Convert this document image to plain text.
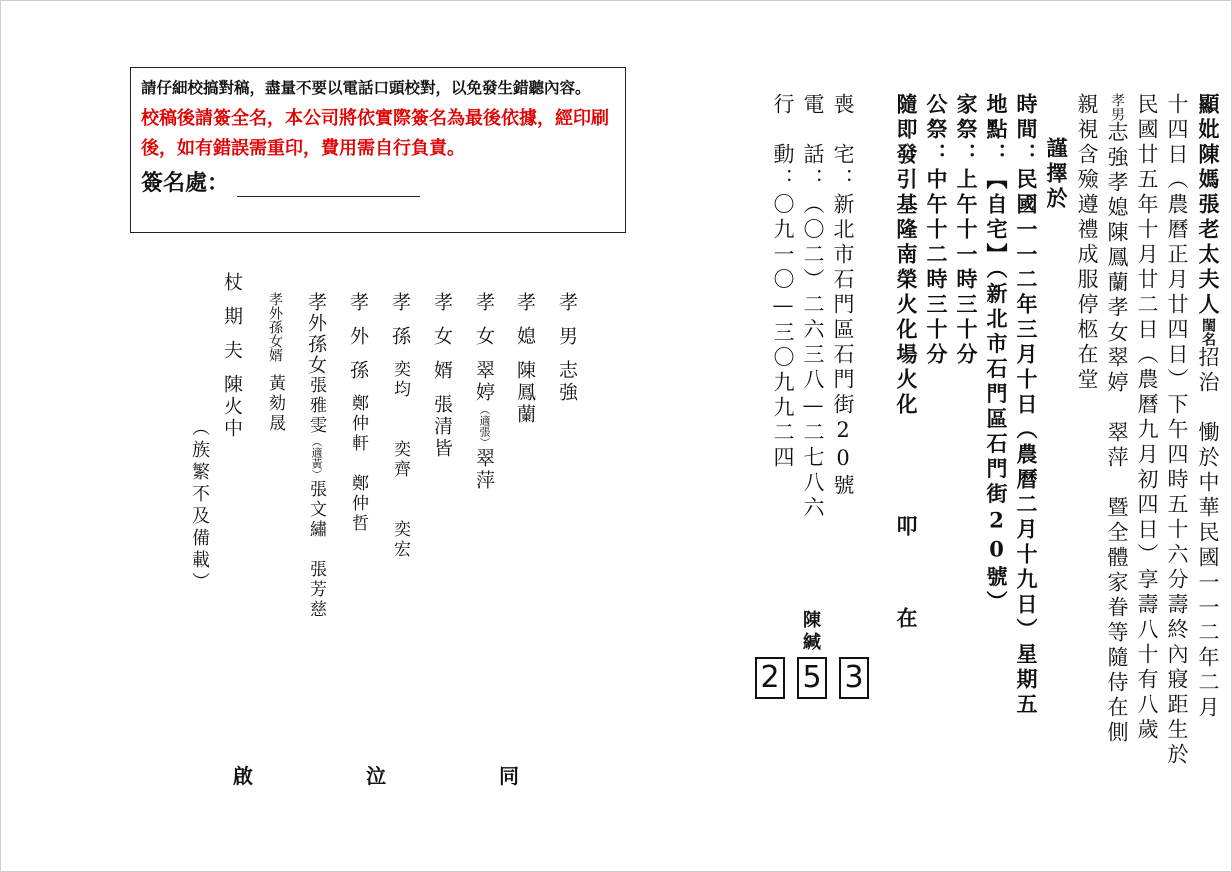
請仔細校搞對稿，盡量不要以電話口頭校對，以免發生錯聽內容。
校稿後請簽全名，本公司將依實際簽名為最後依據，經印刷後，如有錯誤需重印，費用需自行負責。
簽名處：	顯妣陳媽張老太夫人閨名招治　慟於中華民國一一二年二月
十四日（農曆正月廿四日）下午四時五十六分壽終內寢距生於
民國廿五年十月廿二日（農曆九月初四日）享壽八十有八歲
孝男志強孝媳陳鳳蘭孝女翠婷　翠萍　暨全體家眷等隨侍在側
親視含殮遵禮成服停柩在堂
謹擇於
時間：民國一一二年三月十日（農曆二月十九日）星期五
地點：【自宅】（新北市石門區石門街20號）
家祭：上午十一時三十分
公祭：中午十二時三十分
隨即發引基隆南榮火化場火化
叩　在
喪　宅：新北市石門區石門街20號
電　話：（〇二）二六三八—二七八六
行　動：〇九一〇—三〇九九二四
陳緘
2 5 3
孝男志強
孝媳陳鳳蘭
孝女翠婷（適張）翠萍
孝女婿張清皆
孝孫奕均　　奕齊　　奕宏
孝外孫鄭仲軒　鄭仲哲
孝外孫女張雅雯（適黃）張文繡　張芳慈
孝外孫女婿黃劾晟
杖期夫陳火中
（族繁不及備載）
啟	泣	同
